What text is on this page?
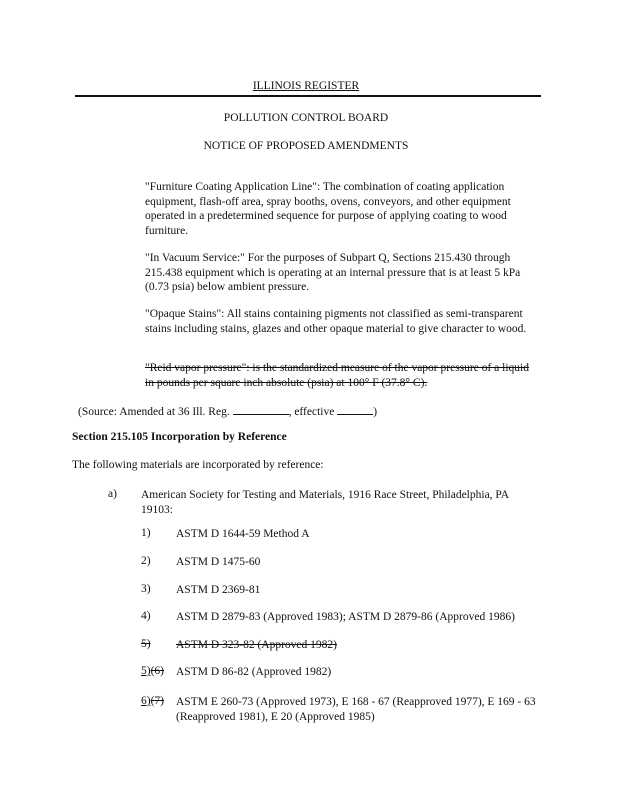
ILLINOIS REGISTER

POLLUTION CONTROL BOARD

NOTICE OF PROPOSED AMENDMENTS

"Furniture Coating Application Line": The combination of coating application equipment, flash-off area, spray booths, ovens, conveyors, and other equipment operated in a predetermined sequence for purpose of applying coating to wood furniture.

"In Vacuum Service:" For the purposes of Subpart Q, Sections 215.430 through 215.438 equipment which is operating at an internal pressure that is at least 5 kPa (0.73 psia) below ambient pressure.

"Opaque Stains": All stains containing pigments not classified as semi-transparent stains including stains, glazes and other opaque material to give character to wood.

"Reid vapor pressure": is the standardized measure of the vapor pressure of a liquid in pounds per square inch absolute (psia) at 100° F (37.8° C).

(Source: Amended at 36 Ill. Reg.	, effective	)

Section 215.105 Incorporation by Reference

The following materials are incorporated by reference:

a) American Society for Testing and Materials, 1916 Race Street, Philadelphia, PA 19103:

1)	ASTM D 1644-59 Method A

2)	ASTM D 1475-60

3)	ASTM D 2369-81

4)	ASTM D 2879-83 (Approved 1983); ASTM D 2879-86 (Approved 1986)

5)	ASTM D 323-82 (Approved 1982)

5)(6)	ASTM D 86-82 (Approved 1982)

6)(7)	ASTM E 260-73 (Approved 1973), E 168 - 67 (Reapproved 1977), E 169 - 63 (Reapproved 1981), E 20 (Approved 1985)
